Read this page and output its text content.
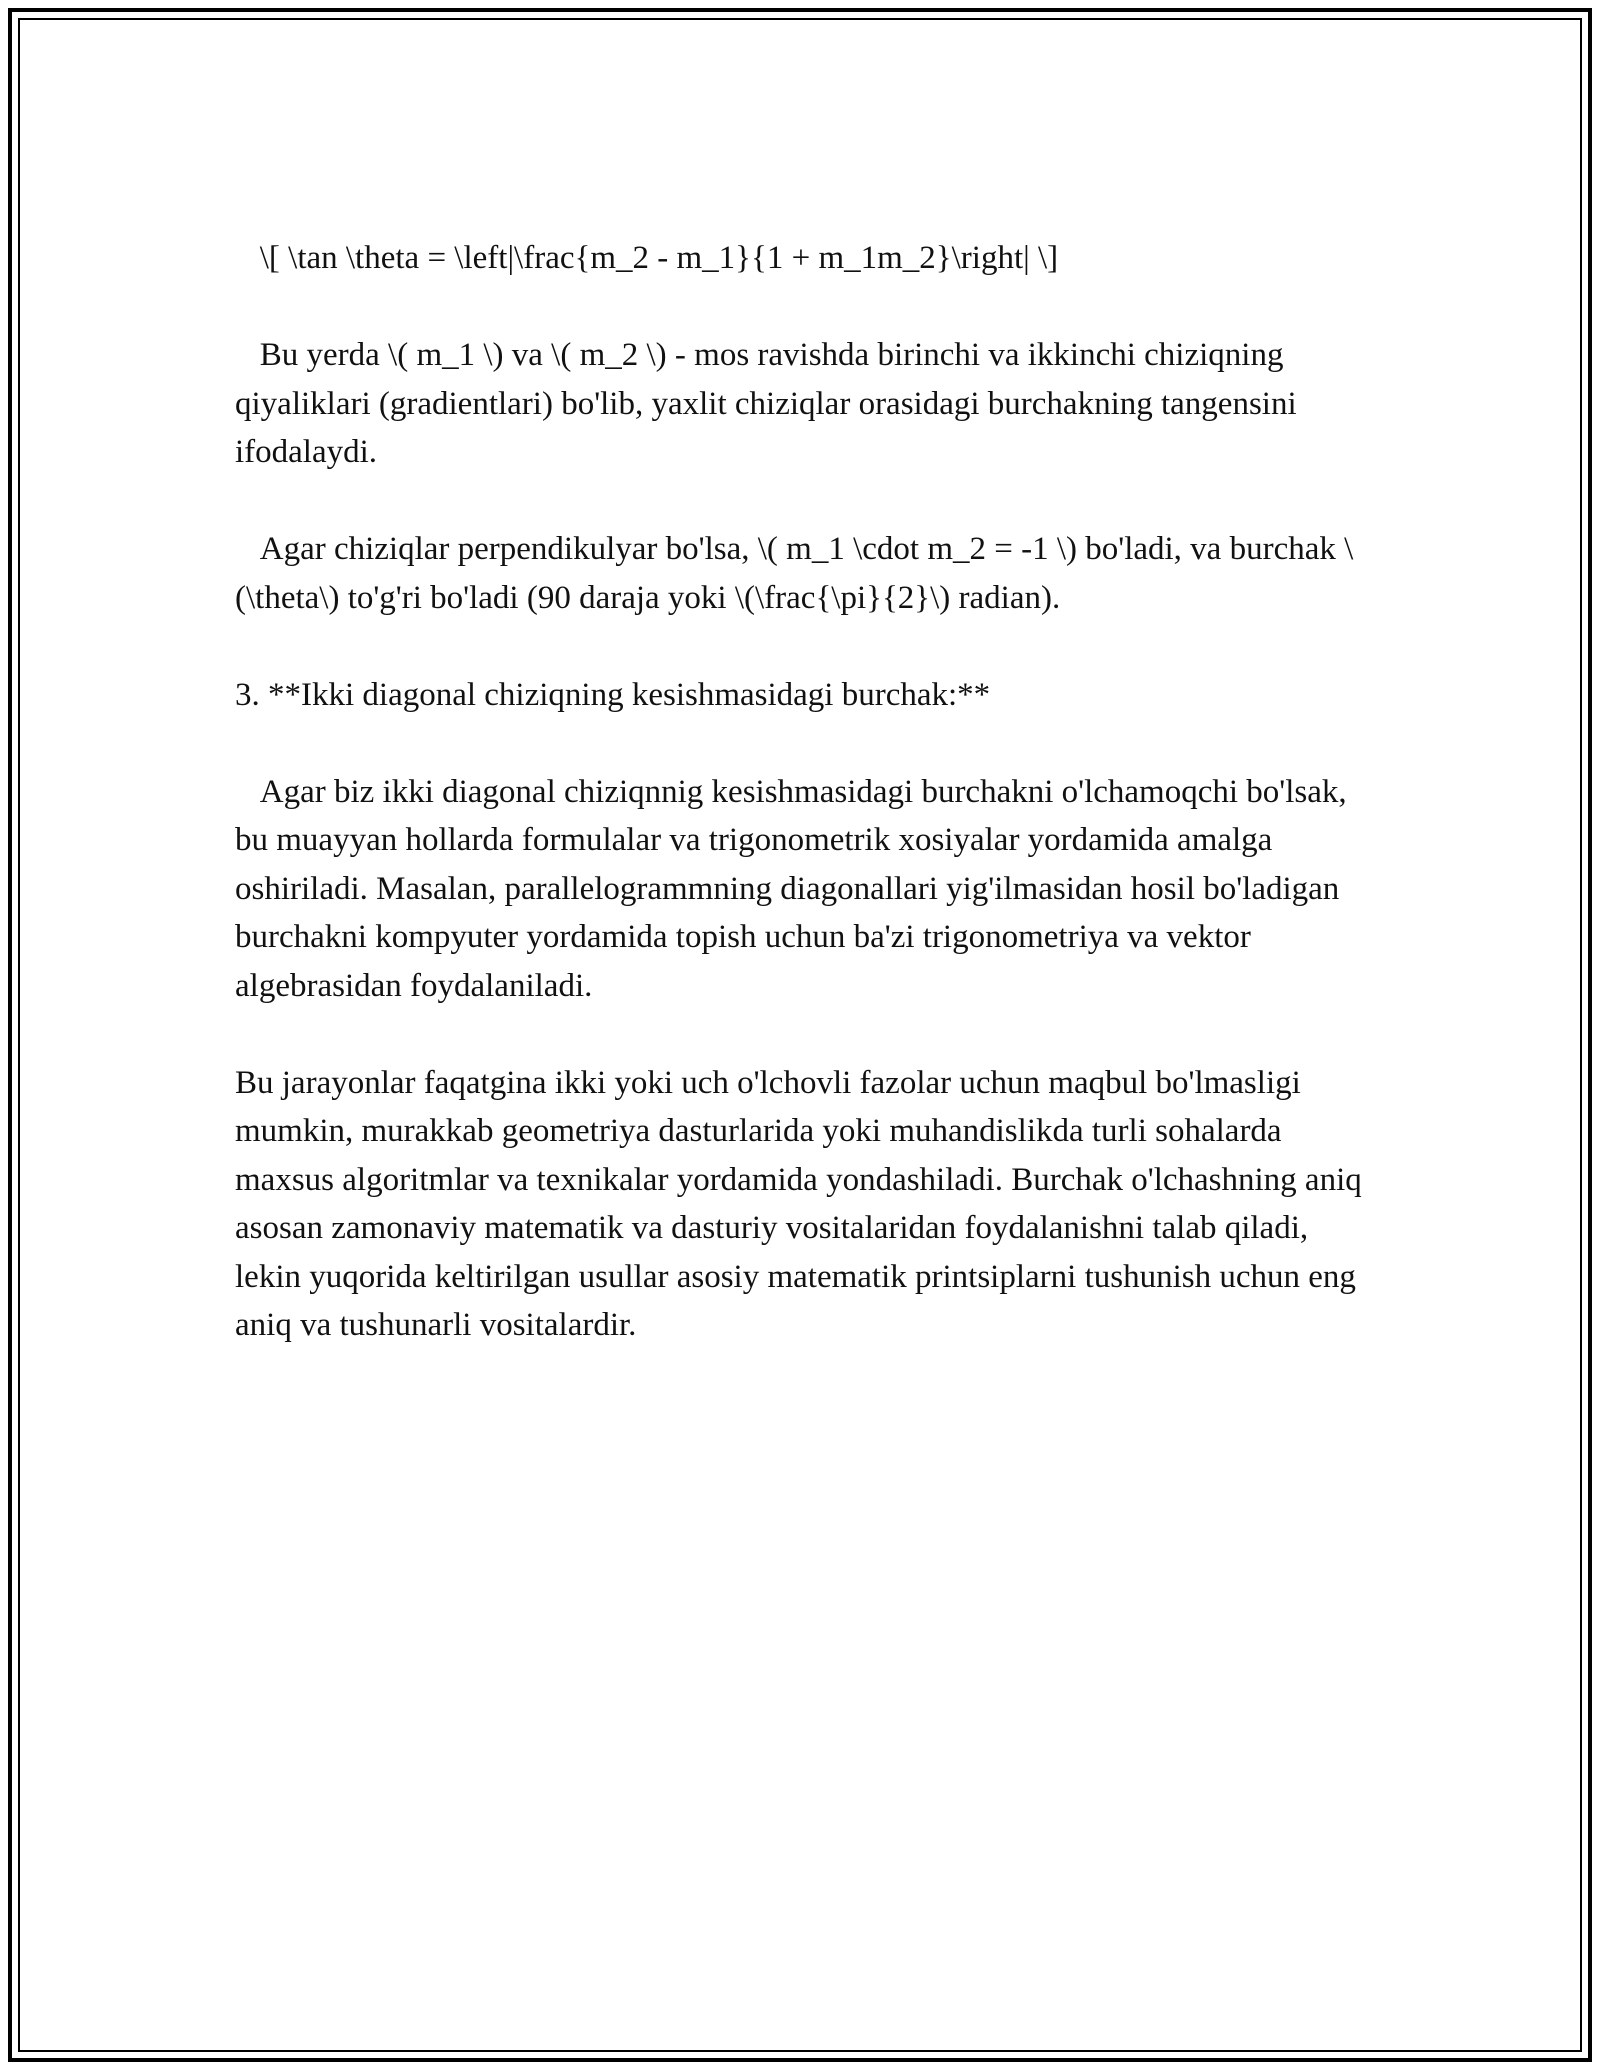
\[ \tan \theta = \left|\frac{m_2 - m_1}{1 + m_1m_2}\right| \]

Bu yerda \( m_1 \) va \( m_2 \) - mos ravishda birinchi va ikkinchi chiziqning qiyaliklari (gradientlari) bo'lib, yaxlit chiziqlar orasidagi burchakning tangensini ifodalaydi.

Agar chiziqlar perpendikulyar bo'lsa, \( m_1 \cdot m_2 = -1 \) bo'ladi, va burchak \(\theta\) to'g'ri bo'ladi (90 daraja yoki \(\frac{\pi}{2}\) radian).

3. **Ikki diagonal chiziqning kesishmasidagi burchak:**

Agar biz ikki diagonal chiziqnnig kesishmasidagi burchakni o'lchamoqchi bo'lsak, bu muayyan hollarda formulalar va trigonometrik xosiyalar yordamida amalga oshiriladi. Masalan, parallelogrammning diagonallari yig'ilmasidan hosil bo'ladigan burchakni kompyuter yordamida topish uchun ba'zi trigonometriya va vektor algebrasidan foydalaniladi.

Bu jarayonlar faqatgina ikki yoki uch o'lchovli fazolar uchun maqbul bo'lmasligi mumkin, murakkab geometriya dasturlarida yoki muhandislikda turli sohalarda maxsus algoritmlar va texnikalar yordamida yondashiladi. Burchak o'lchashning aniq asosan zamonaviy matematik va dasturiy vositalaridan foydalanishni talab qiladi, lekin yuqorida keltirilgan usullar asosiy matematik printsiplarni tushunish uchun eng aniq va tushunarli vositalardir.
